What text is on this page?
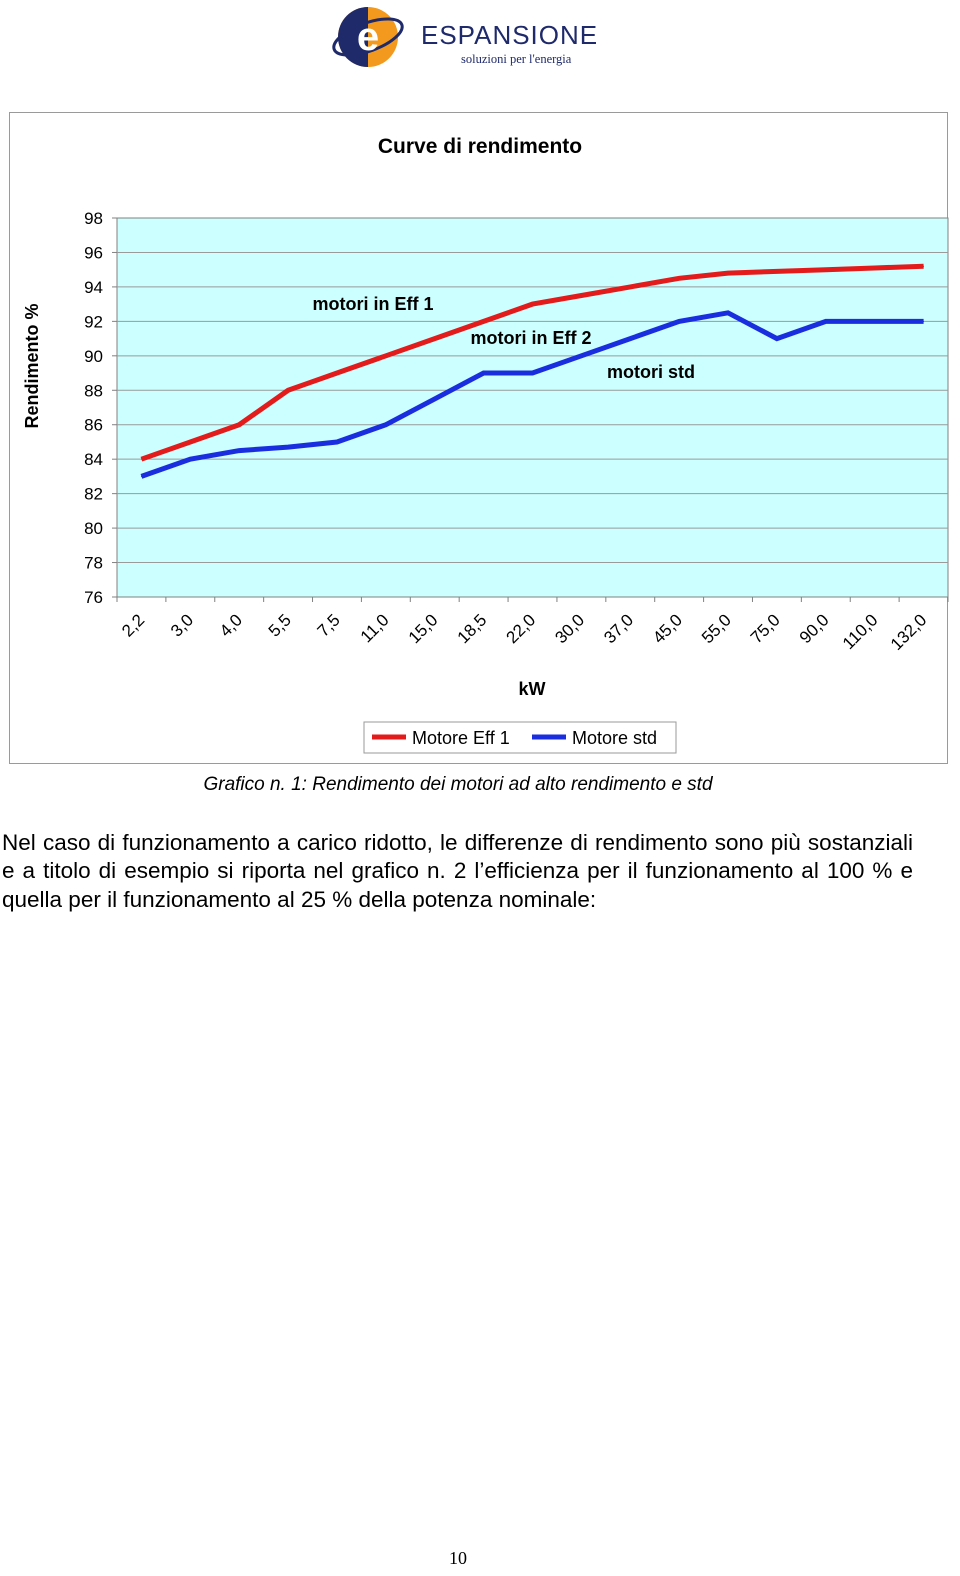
e ESPANSIONE
soluzioni per l'energia
Curve di rendimento
Rendimento %
kW
98
96
94
92
90
88
86
84
82
80
78
76
2,2 3,0 4,0 5,5 7,5 11,0 15,0 18,5 22,0 30,0 37,0 45,0 55,0 75,0 90,0 110,0 132,0
motori in Eff 1
motori in Eff 2
motori std
Motore Eff 1	Motore std
Grafico n. 1: Rendimento dei motori ad alto rendimento e std
Nel caso di funzionamento a carico ridotto, le differenze di rendimento sono più sostanziali e a titolo di esempio si riporta nel grafico n. 2 l’efficienza per il funzionamento al 100 % e quella per il funzionamento al 25 % della potenza nominale:
10
